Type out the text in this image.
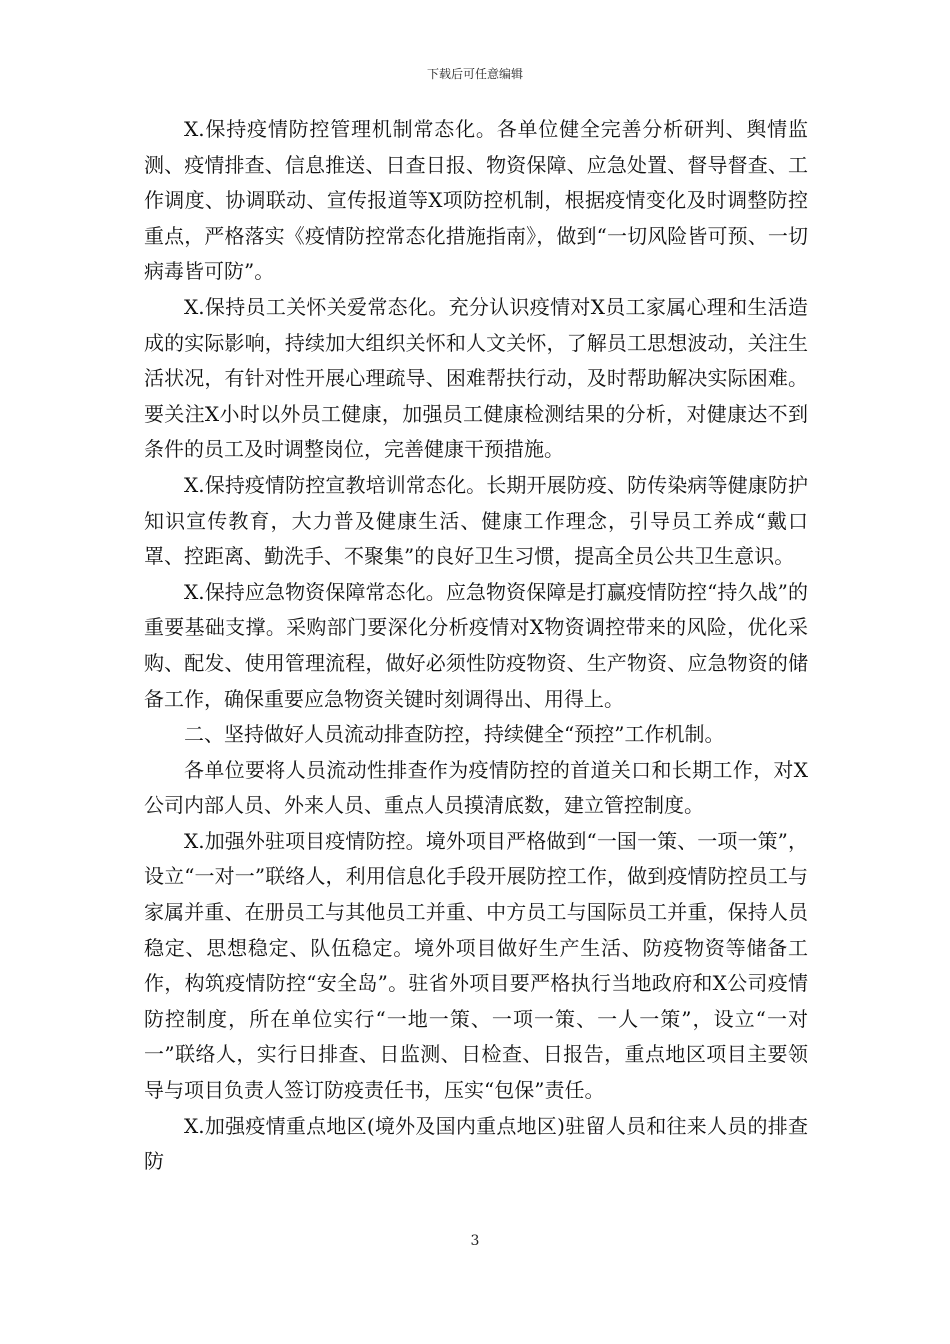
下载后可任意编辑

X.保持疫情防控管理机制常态化。各单位健全完善分析研判、舆情监测、疫情排查、信息推送、日查日报、物资保障、应急处置、督导督查、工作调度、协调联动、宣传报道等X项防控机制，根据疫情变化及时调整防控重点，严格落实《疫情防控常态化措施指南》，做到“一切风险皆可预、一切病毒皆可防”。

X.保持员工关怀关爱常态化。充分认识疫情对X员工家属心理和生活造成的实际影响，持续加大组织关怀和人文关怀，了解员工思想波动，关注生活状况，有针对性开展心理疏导、困难帮扶行动，及时帮助解决实际困难。要关注X小时以外员工健康，加强员工健康检测结果的分析，对健康达不到条件的员工及时调整岗位，完善健康干预措施。

X.保持疫情防控宣教培训常态化。长期开展防疫、防传染病等健康防护知识宣传教育，大力普及健康生活、健康工作理念，引导员工养成“戴口罩、控距离、勤洗手、不聚集”的良好卫生习惯，提高全员公共卫生意识。

X.保持应急物资保障常态化。应急物资保障是打赢疫情防控“持久战”的重要基础支撑。采购部门要深化分析疫情对X物资调控带来的风险，优化采购、配发、使用管理流程，做好必须性防疫物资、生产物资、应急物资的储备工作，确保重要应急物资关键时刻调得出、用得上。

二、坚持做好人员流动排查防控，持续健全“预控”工作机制。

各单位要将人员流动性排查作为疫情防控的首道关口和长期工作，对X公司内部人员、外来人员、重点人员摸清底数，建立管控制度。

X.加强外驻项目疫情防控。境外项目严格做到“一国一策、一项一策”，设立“一对一”联络人，利用信息化手段开展防控工作，做到疫情防控员工与家属并重、在册员工与其他员工并重、中方员工与国际员工并重，保持人员稳定、思想稳定、队伍稳定。境外项目做好生产生活、防疫物资等储备工作，构筑疫情防控“安全岛”。驻省外项目要严格执行当地政府和X公司疫情防控制度，所在单位实行“一地一策、一项一策、一人一策”，设立“一对一”联络人，实行日排查、日监测、日检查、日报告，重点地区项目主要领导与项目负责人签订防疫责任书，压实“包保”责任。

X.加强疫情重点地区(境外及国内重点地区)驻留人员和往来人员的排查防

3
